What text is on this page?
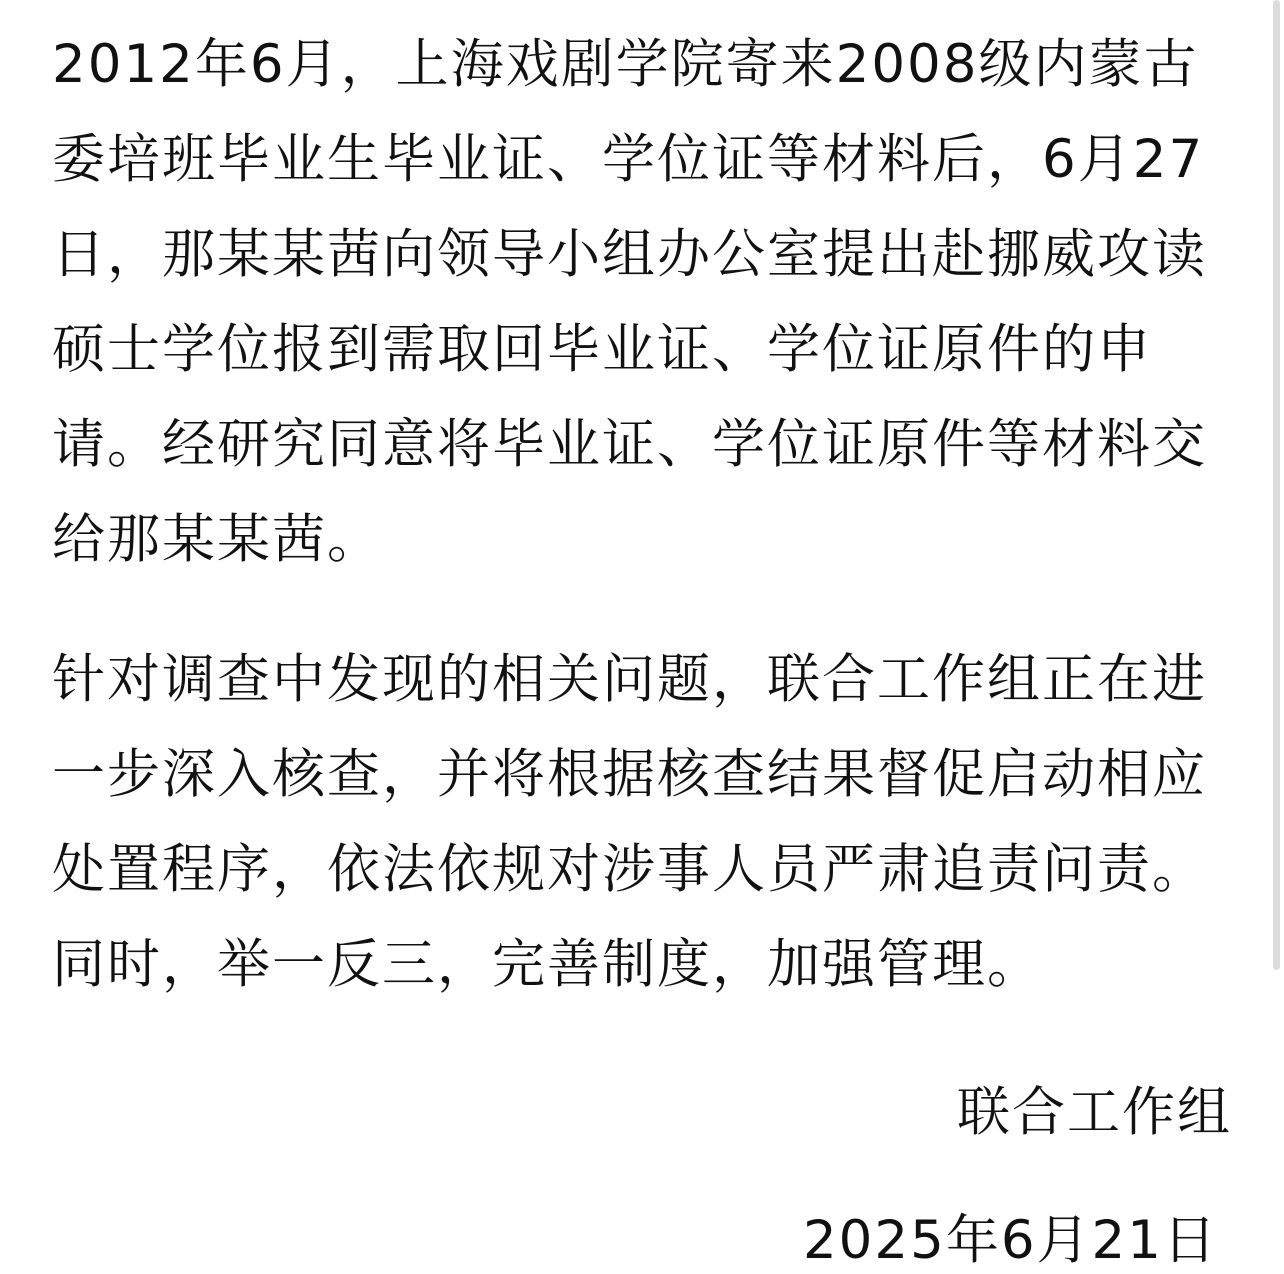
2012年6月，上海戏剧学院寄来2008级内蒙古
委培班毕业生毕业证、学位证等材料后，6月27
日，那某某茜向领导小组办公室提出赴挪威攻读
硕士学位报到需取回毕业证、学位证原件的申
请。经研究同意将毕业证、学位证原件等材料交
给那某某茜。

针对调查中发现的相关问题，联合工作组正在进
一步深入核查，并将根据核查结果督促启动相应
处置程序，依法依规对涉事人员严肃追责问责。
同时，举一反三，完善制度，加强管理。

联合工作组
2025年6月21日
